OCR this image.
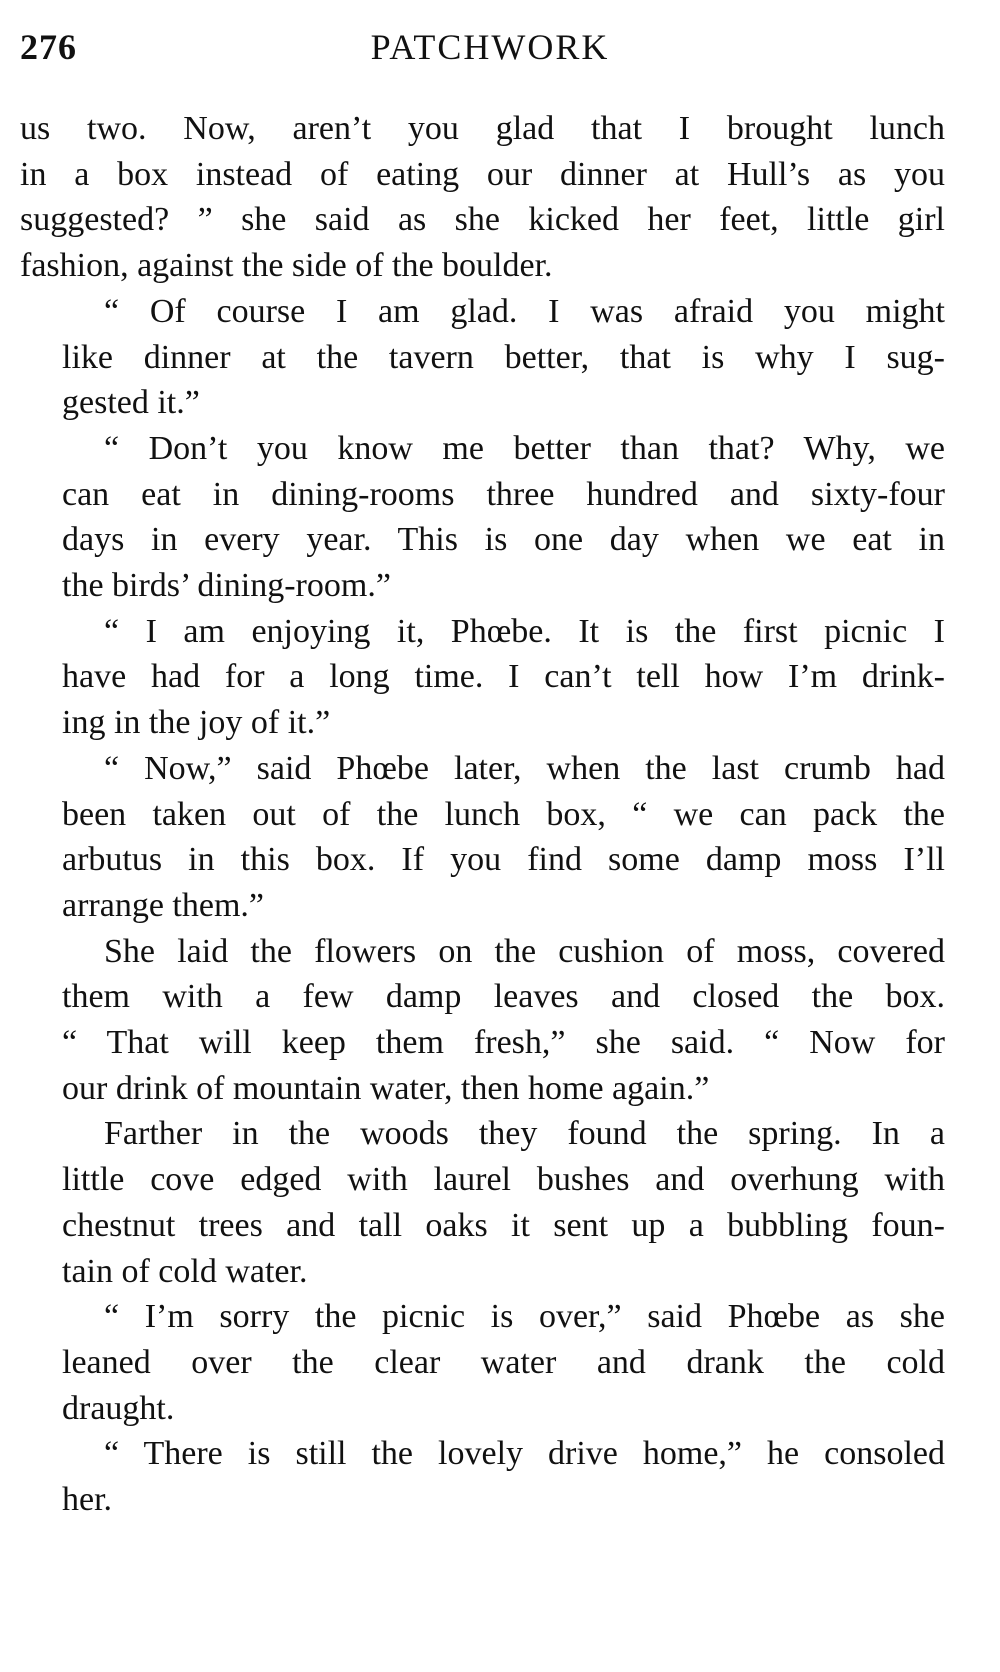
276	PATCHWORK

us two. Now, aren’t you glad that I brought lunch
in a box instead of eating our dinner at Hull’s as you
suggested? ” she said as she kicked her feet, little girl
fashion, against the side of the boulder.

“ Of course I am glad. I was afraid you might
like dinner at the tavern better, that is why I sug-
gested it.”

“ Don’t you know me better than that? Why, we
can eat in dining-rooms three hundred and sixty-four
days in every year. This is one day when we eat in
the birds’ dining-room.”

“ I am enjoying it, Phœbe. It is the first picnic I
have had for a long time. I can’t tell how I’m drink-
ing in the joy of it.”

“ Now,” said Phœbe later, when the last crumb had
been taken out of the lunch box, “ we can pack the
arbutus in this box. If you find some damp moss I’ll
arrange them.”

She laid the flowers on the cushion of moss, covered
them with a few damp leaves and closed the box.
“ That will keep them fresh,” she said. “ Now for
our drink of mountain water, then home again.”

Farther in the woods they found the spring. In a
little cove edged with laurel bushes and overhung with
chestnut trees and tall oaks it sent up a bubbling foun-
tain of cold water.

“ I’m sorry the picnic is over,” said Phœbe as she
leaned over the clear water and drank the cold
draught.

“ There is still the lovely drive home,” he consoled
her.
